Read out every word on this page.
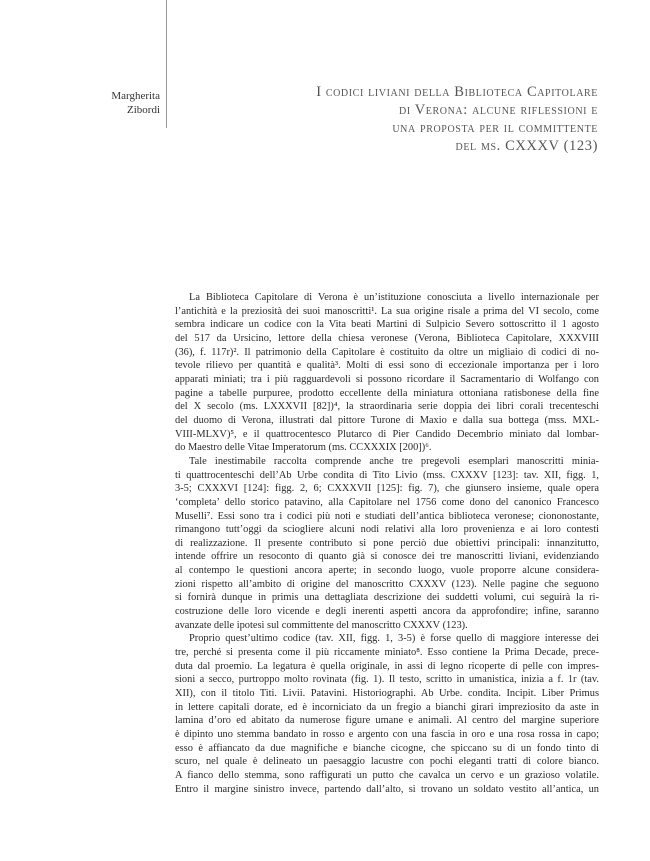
Margherita
Zibordi
I codici liviani della Biblioteca Capitolare
di Verona: alcune riflessioni e
una proposta per il committente
del ms. CXXXV (123)
La Biblioteca Capitolare di Verona è un’istituzione conosciuta a livello internazionale per
l’antichità e la preziosità dei suoi manoscritti¹. La sua origine risale a prima del VI secolo, come
sembra indicare un codice con la Vita beati Martini di Sulpicio Severo sottoscritto il 1 agosto
del 517 da Ursicino, lettore della chiesa veronese (Verona, Biblioteca Capitolare, XXXVIII
(36), f. 117r)². Il patrimonio della Capitolare è costituito da oltre un migliaio di codici di no-
tevole rilievo per quantità e qualità³. Molti di essi sono di eccezionale importanza per i loro
apparati miniati; tra i più ragguardevoli si possono ricordare il Sacramentario di Wolfango con
pagine a tabelle purpuree, prodotto eccellente della miniatura ottoniana ratisbonese della fine
del X secolo (ms. LXXXVII [82])⁴, la straordinaria serie doppia dei libri corali trecenteschi
del duomo di Verona, illustrati dal pittore Turone di Maxio e dalla sua bottega (mss. MXL-
VIII-MLXV)⁵, e il quattrocentesco Plutarco di Pier Candido Decembrio miniato dal lombar-
do Maestro delle Vitae Imperatorum (ms. CCXXXIX [200])⁶.
Tale inestimabile raccolta comprende anche tre pregevoli esemplari manoscritti minia-
ti quattrocenteschi dell’Ab Urbe condita di Tito Livio (mss. CXXXV [123]: tav. XII, figg. 1,
3-5; CXXXVI [124]: figg. 2, 6; CXXXVII [125]: fig. 7), che giunsero insieme, quale opera
‘completa’ dello storico patavino, alla Capitolare nel 1756 come dono del canonico Francesco
Muselli⁷. Essi sono tra i codici più noti e studiati dell’antica biblioteca veronese; ciononostante,
rimangono tutt’oggi da sciogliere alcuni nodi relativi alla loro provenienza e ai loro contesti
di realizzazione. Il presente contributo si pone perciò due obiettivi principali: innanzitutto,
intende offrire un resoconto di quanto già si conosce dei tre manoscritti liviani, evidenziando
al contempo le questioni ancora aperte; in secondo luogo, vuole proporre alcune considera-
zioni rispetto all’ambito di origine del manoscritto CXXXV (123). Nelle pagine che seguono
si fornirà dunque in primis una dettagliata descrizione dei suddetti volumi, cui seguirà la ri-
costruzione delle loro vicende e degli inerenti aspetti ancora da approfondire; infine, saranno
avanzate delle ipotesi sul committente del manoscritto CXXXV (123).
Proprio quest’ultimo codice (tav. XII, figg. 1, 3-5) è forse quello di maggiore interesse dei
tre, perché si presenta come il più riccamente miniato⁸. Esso contiene la Prima Decade, prece-
duta dal proemio. La legatura è quella originale, in assi di legno ricoperte di pelle con impres-
sioni a secco, purtroppo molto rovinata (fig. 1). Il testo, scritto in umanistica, inizia a f. 1r (tav.
XII), con il titolo Titi. Livii. Patavini. Historiographi. Ab Urbe. condita. Incipit. Liber Primus
in lettere capitali dorate, ed è incorniciato da un fregio a bianchi girari impreziosito da aste in
lamina d’oro ed abitato da numerose figure umane e animali. Al centro del margine superiore
è dipinto uno stemma bandato in rosso e argento con una fascia in oro e una rosa rossa in capo;
esso è affiancato da due magnifiche e bianche cicogne, che spiccano su di un fondo tinto di
scuro, nel quale è delineato un paesaggio lacustre con pochi eleganti tratti di colore bianco.
A fianco dello stemma, sono raffigurati un putto che cavalca un cervo e un grazioso volatile.
Entro il margine sinistro invece, partendo dall’alto, si trovano un soldato vestito all’antica, un
